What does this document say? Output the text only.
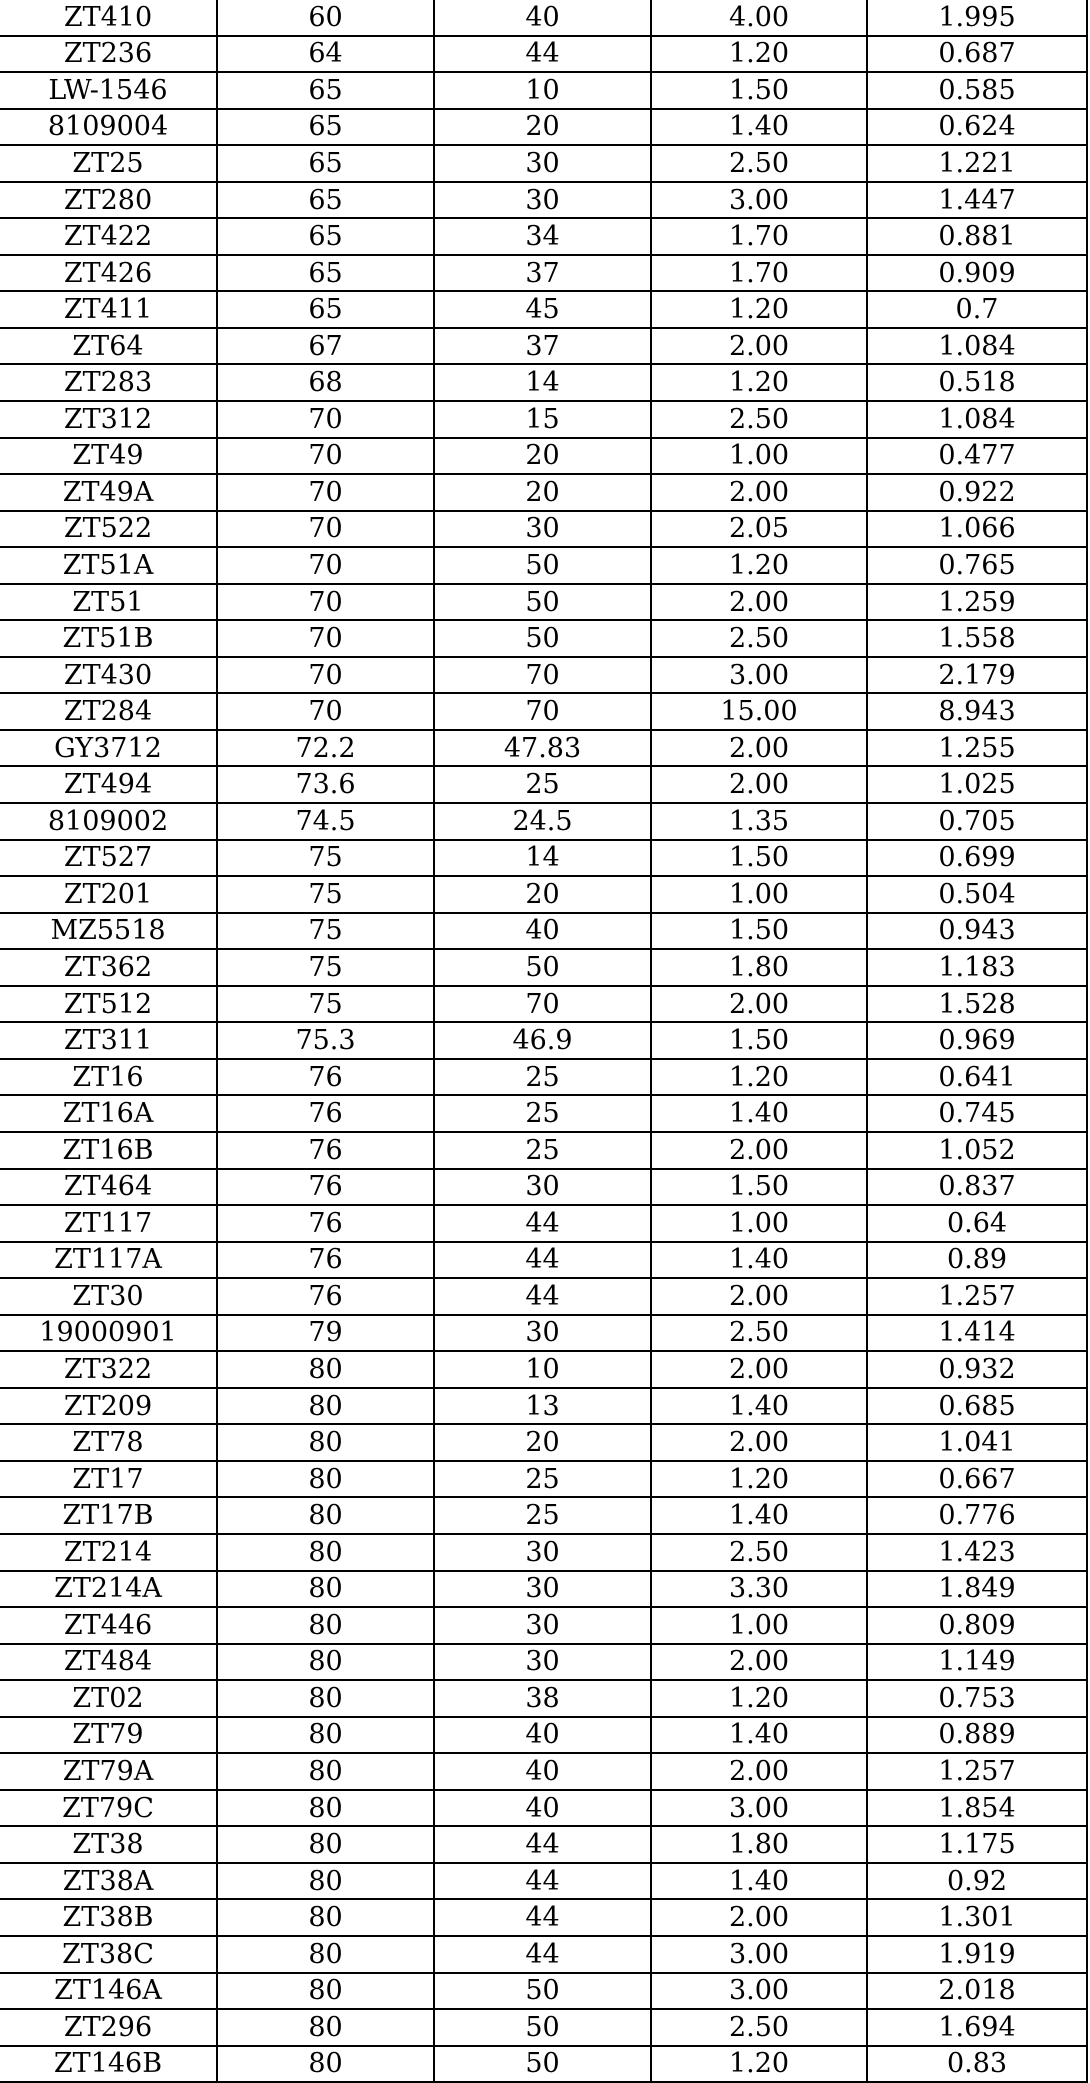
ZT410	60	40	4.00	1.995
ZT236	64	44	1.20	0.687
LW-1546	65	10	1.50	0.585
8109004	65	20	1.40	0.624
ZT25	65	30	2.50	1.221
ZT280	65	30	3.00	1.447
ZT422	65	34	1.70	0.881
ZT426	65	37	1.70	0.909
ZT411	65	45	1.20	0.7
ZT64	67	37	2.00	1.084
ZT283	68	14	1.20	0.518
ZT312	70	15	2.50	1.084
ZT49	70	20	1.00	0.477
ZT49A	70	20	2.00	0.922
ZT522	70	30	2.05	1.066
ZT51A	70	50	1.20	0.765
ZT51	70	50	2.00	1.259
ZT51B	70	50	2.50	1.558
ZT430	70	70	3.00	2.179
ZT284	70	70	15.00	8.943
GY3712	72.2	47.83	2.00	1.255
ZT494	73.6	25	2.00	1.025
8109002	74.5	24.5	1.35	0.705
ZT527	75	14	1.50	0.699
ZT201	75	20	1.00	0.504
MZ5518	75	40	1.50	0.943
ZT362	75	50	1.80	1.183
ZT512	75	70	2.00	1.528
ZT311	75.3	46.9	1.50	0.969
ZT16	76	25	1.20	0.641
ZT16A	76	25	1.40	0.745
ZT16B	76	25	2.00	1.052
ZT464	76	30	1.50	0.837
ZT117	76	44	1.00	0.64
ZT117A	76	44	1.40	0.89
ZT30	76	44	2.00	1.257
19000901	79	30	2.50	1.414
ZT322	80	10	2.00	0.932
ZT209	80	13	1.40	0.685
ZT78	80	20	2.00	1.041
ZT17	80	25	1.20	0.667
ZT17B	80	25	1.40	0.776
ZT214	80	30	2.50	1.423
ZT214A	80	30	3.30	1.849
ZT446	80	30	1.00	0.809
ZT484	80	30	2.00	1.149
ZT02	80	38	1.20	0.753
ZT79	80	40	1.40	0.889
ZT79A	80	40	2.00	1.257
ZT79C	80	40	3.00	1.854
ZT38	80	44	1.80	1.175
ZT38A	80	44	1.40	0.92
ZT38B	80	44	2.00	1.301
ZT38C	80	44	3.00	1.919
ZT146A	80	50	3.00	2.018
ZT296	80	50	2.50	1.694
ZT146B	80	50	1.20	0.83
